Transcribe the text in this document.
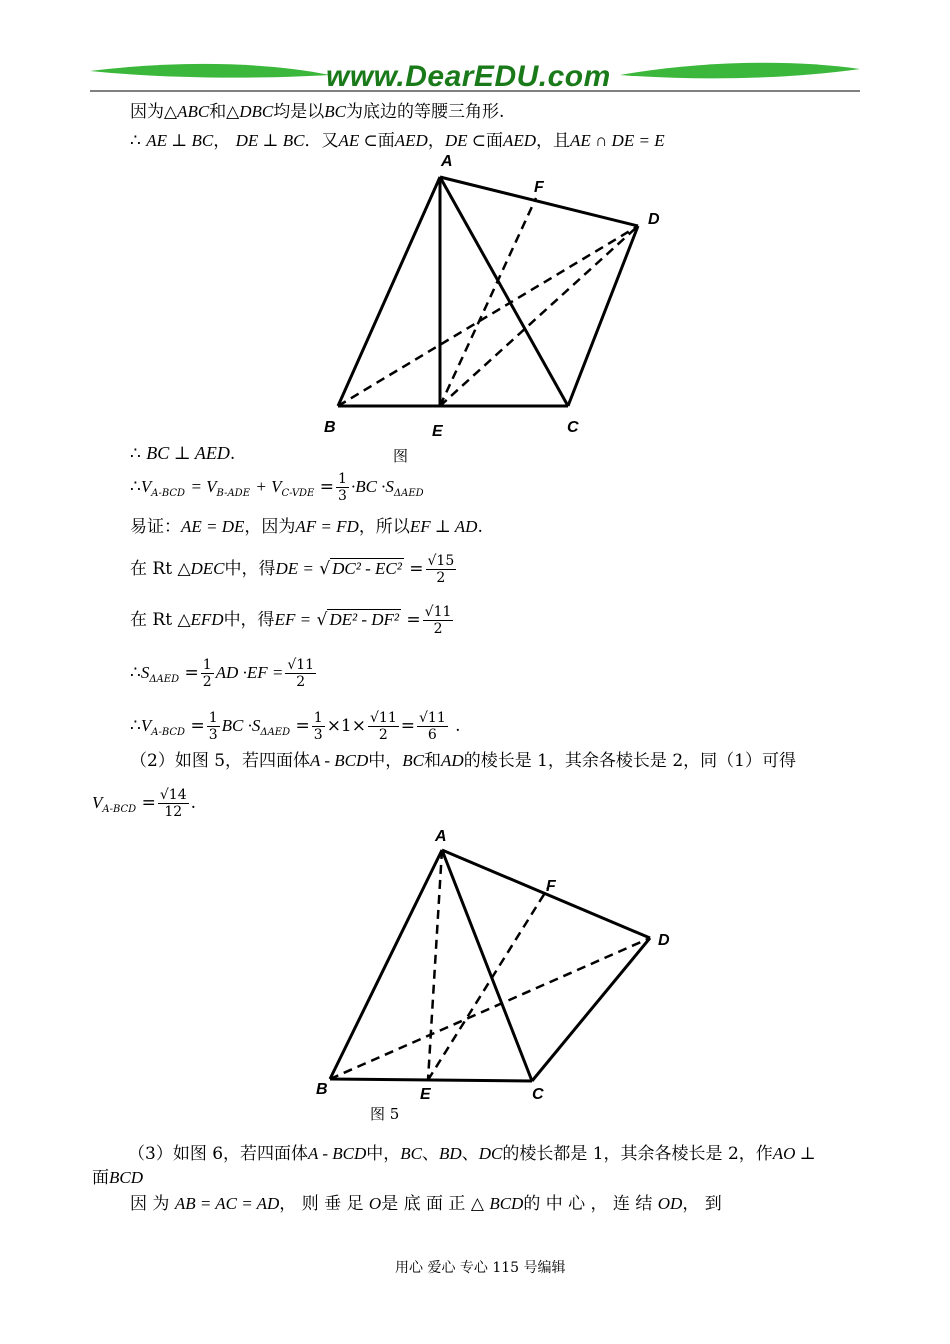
www.DearEDU.com
因为△ABC和△DBC均是以BC为底边的等腰三角形.
∴ AE ⊥ BC， DE ⊥ BC．又AE ⊂面AED，DE ⊂面AED，且AE ∩ DE = E
A
F
D
B	E	C
图
∴ BC ⊥ AED.
$\therefore V_{A-BCD} = V_{B-ADE} + V_{C-VDE} = \frac{1}{3} \cdot BC \cdot S_{\Delta AED}$
易证：AE = DE，因为AF = FD，所以EF ⊥ AD.
在 Rt △DEC中，得DE = √ $DC^2 - EC^2 = \frac{√15}{2}$
在 Rt △EFD中，得EF = √ $DE^2 - DF^2 = \frac{√11}{2}$
$\therefore S_{\Delta AED} = \frac{1}{2}$ AD $\cdot EF = \frac{√11}{2}$
$\therefore V_{A-BCD} = \frac{1}{3}$ BC $\cdot S_{\Delta AED} = \frac{1}{3} \times 1\times \frac{√11}{2} = \frac{√11}{6}$ .
（2）如图 5，若四面体A - BCD中，BC和AD的棱长是 1，其余各棱长是 2，同（1）可得
$V_{A-BCD} = \frac{√14}{12}$ .
A
F
D
B	E	C
图 5
（3）如图 6，若四面体A - BCD中，BC、BD、DC的棱长都是 1，其余各棱长是 2，作AO ⊥
面BCD
因 为 AB = AC = AD， 则 垂 足 O是 底 面 正 △ BCD的 中 心 ， 连 结 OD， 到
用心 爱心 专心 115 号编辑
